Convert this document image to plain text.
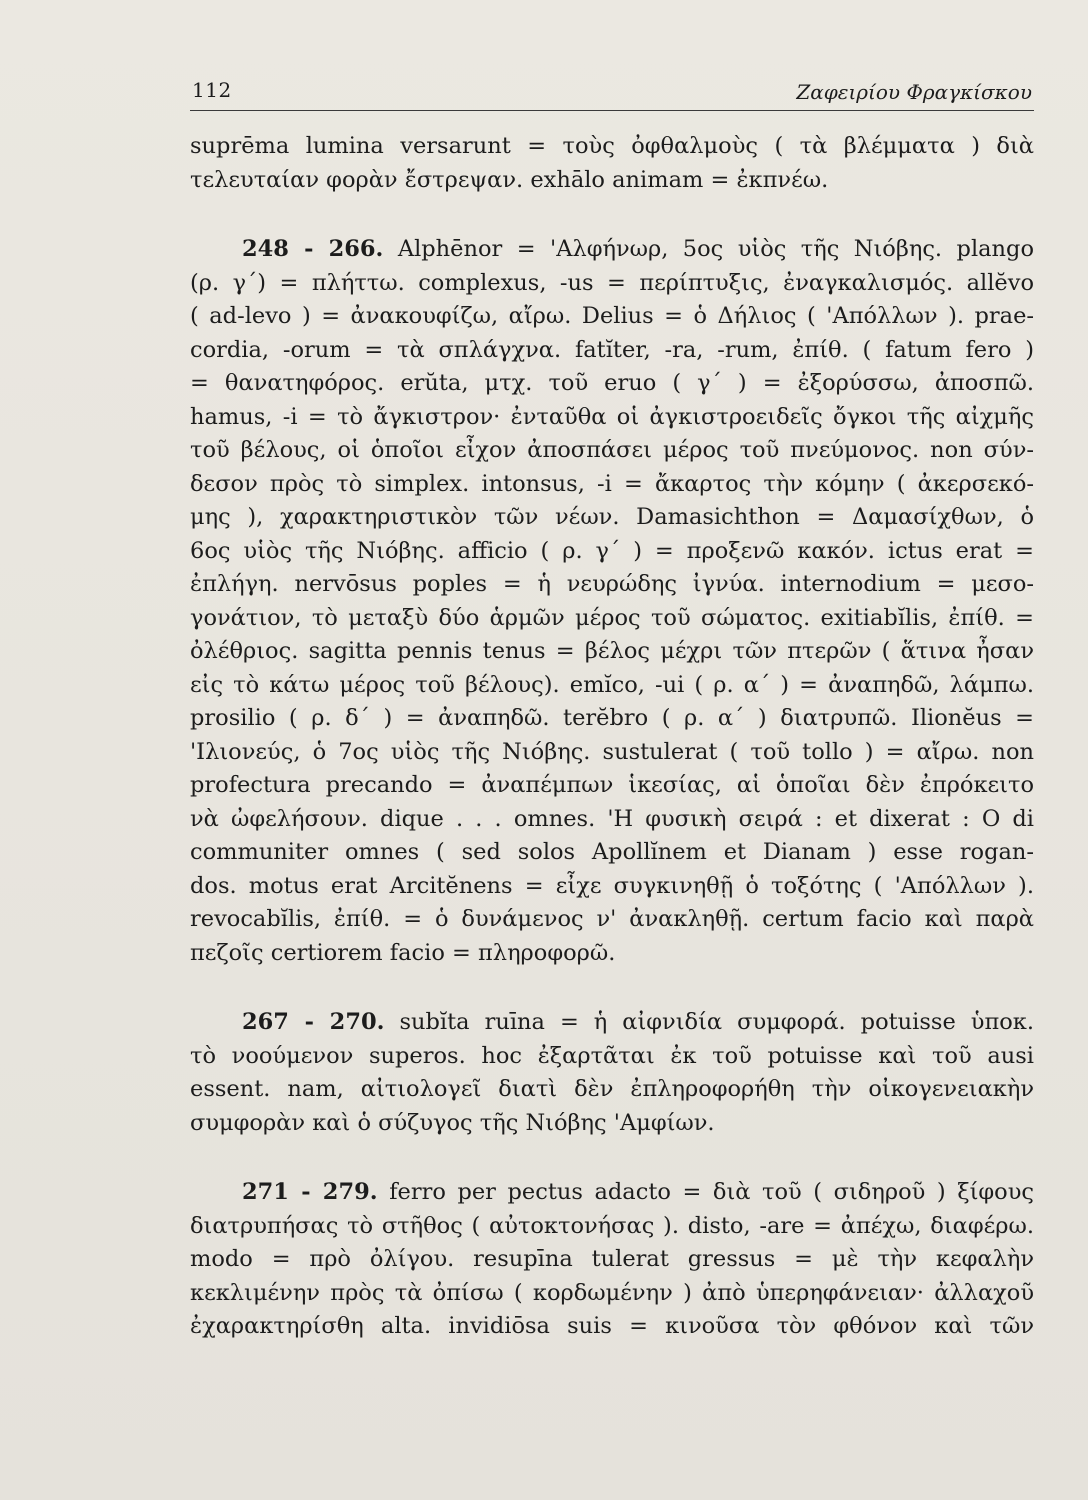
112	Ζαφειρίου Φραγκίσκου
suprēma lumina versarunt = τοὺς ὀφθαλμοὺς ( τὰ βλέμματα ) διὰ
τελευταίαν φορὰν ἔστρεψαν. exhālo animam = ἐκπνέω.
248 - 266. Alphēnor = 'Αλφήνωρ, 5ος υἱὸς τῆς Νιόβης. plango
(ρ. γ΄) = πλήττω. complexus, -us = περίπτυξις, ἐναγκαλισμός. allĕvo
( ad-levo ) = ἀνακουφίζω, αἴρω. Delius = ὁ Δήλιος ( 'Απόλλων ). prae-
cordia, -orum = τὰ σπλάγχνα. fatĭter, -ra, -rum, ἐπίθ. ( fatum fero )
= θανατηφόρος. erŭta, μτχ. τοῦ eruo ( γ΄ ) = ἐξορύσσω, ἀποσπῶ.
hamus, -i = τὸ ἄγκιστρον· ἐνταῦθα οἱ ἀγκιστροειδεῖς ὄγκοι τῆς αἰχμῆς
τοῦ βέλους, οἱ ὁποῖοι εἶχον ἀποσπάσει μέρος τοῦ πνεύμονος. non σύν-
δεσον πρὸς τὸ simplex. intonsus, -i = ἄκαρτος τὴν κόμην ( ἀκερσεκό-
μης ), χαρακτηριστικὸν τῶν νέων. Damasichthon = Δαμασίχθων, ὁ
6ος υἱὸς τῆς Νιόβης. afficio ( ρ. γ΄ ) = προξενῶ κακόν. ictus erat =
ἐπλήγη. nervōsus poples = ἡ νευρώδης ἰγνύα. internodium = μεσο-
γονάτιον, τὸ μεταξὺ δύο ἁρμῶν μέρος τοῦ σώματος. exitiabĭlis, ἐπίθ. =
ὀλέθριος. sagitta pennis tenus = βέλος μέχρι τῶν πτερῶν ( ἅτινα ἦσαν
εἰς τὸ κάτω μέρος τοῦ βέλους). emĭco, -ui ( ρ. α΄ ) = ἀναπηδῶ, λάμπω.
prosilio ( ρ. δ΄ ) = ἀναπηδῶ. terĕbro ( ρ. α΄ ) διατρυπῶ. Ilionĕus =
'Ιλιονεύς, ὁ 7ος υἱὸς τῆς Νιόβης. sustulerat ( τοῦ tollo ) = αἴρω. non
profectura precando = ἀναπέμπων ἱκεσίας, αἱ ὁποῖαι δὲν ἐπρόκειτο
νὰ ὠφελήσουν. dique . . . omnes. 'Η φυσικὴ σειρά : et dixerat : O di
communiter omnes ( sed solos Apollĭnem et Dianam ) esse rogan-
dos. motus erat Arcitĕnens = εἶχε συγκινηθῇ ὁ τοξότης ( 'Απόλλων ).
revocabĭlis, ἐπίθ. = ὁ δυνάμενος ν' ἀνακληθῇ. certum facio καὶ παρὰ
πεζοῖς certiorem facio = πληροφορῶ.
267 - 270. subĭta ruīna = ἡ αἰφνιδία συμφορά. potuisse ὑποκ.
τὸ νοούμενον superos. hoc ἐξαρτᾶται ἐκ τοῦ potuisse καὶ τοῦ ausi
essent. nam, αἰτιολογεῖ διατὶ δὲν ἐπληροφορήθη τὴν οἰκογενειακὴν
συμφορὰν καὶ ὁ σύζυγος τῆς Νιόβης 'Αμφίων.
271 - 279. ferro per pectus adacto = διὰ τοῦ ( σιδηροῦ ) ξίφους
διατρυπήσας τὸ στῆθος ( αὐτοκτονήσας ). disto, -are = ἀπέχω, διαφέρω.
modo = πρὸ ὀλίγου. resupīna tulerat gressus = μὲ τὴν κεφαλὴν
κεκλιμένην πρὸς τὰ ὀπίσω ( κορδωμένην ) ἀπὸ ὑπερηφάνειαν· ἀλλαχοῦ
ἐχαρακτηρίσθη alta. invidiōsa suis = κινοῦσα τὸν φθόνον καὶ τῶν
